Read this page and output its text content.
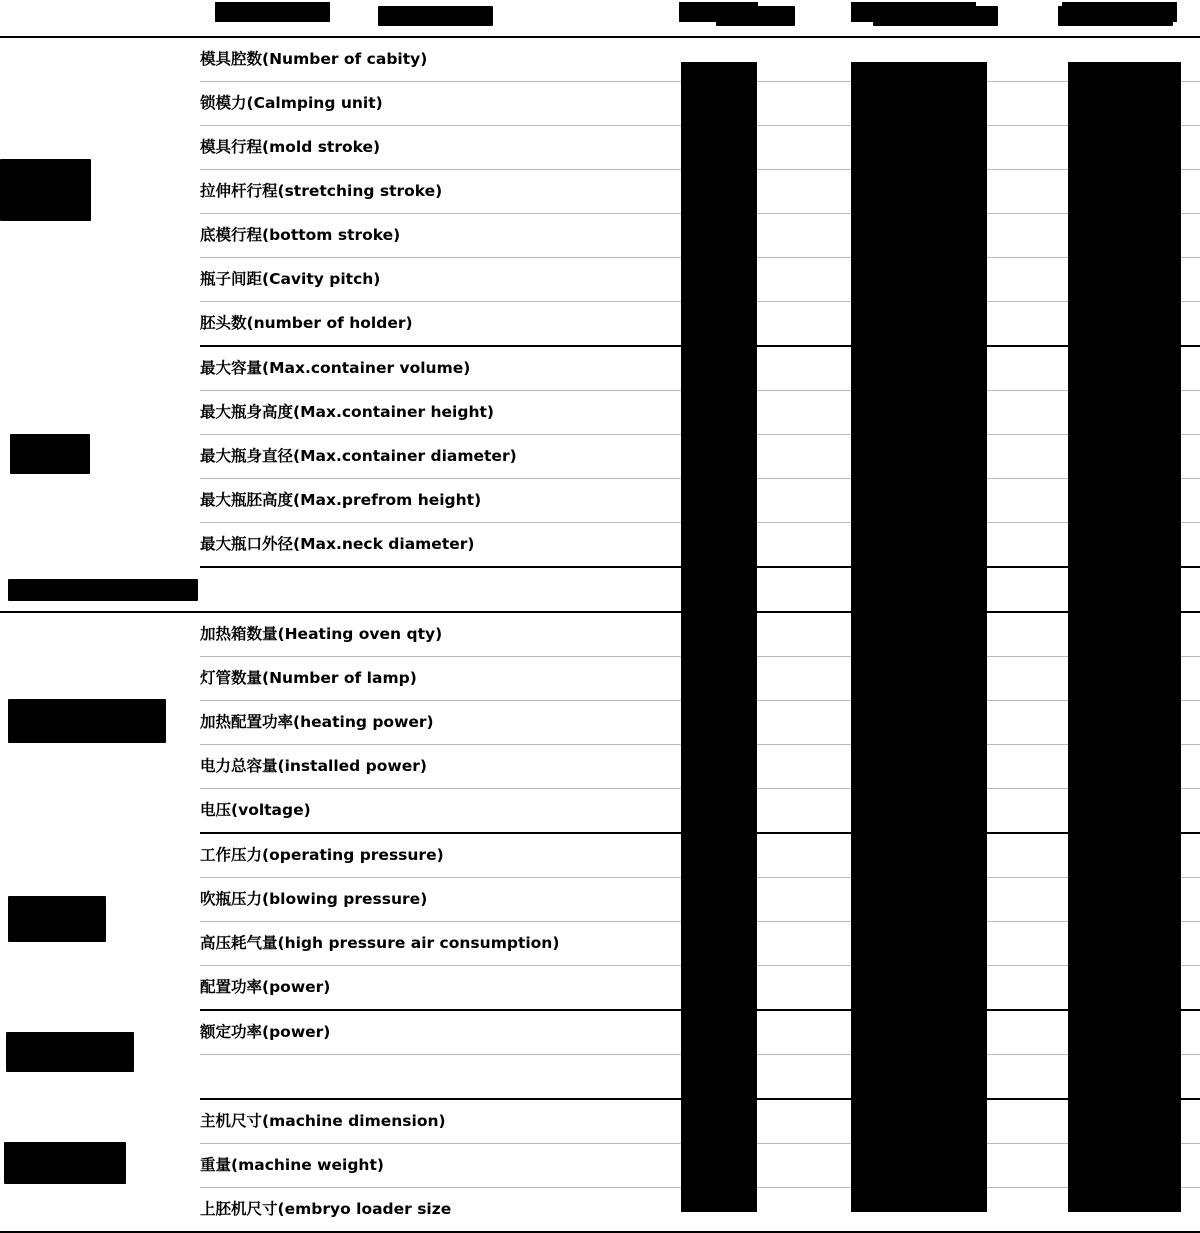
	模具腔数(Number of cabity)			
	锁模力(Calmping unit)			
	模具行程(mold stroke)			
	拉伸杆行程(stretching stroke)			
	底模行程(bottom stroke)			
	瓶子间距(Cavity pitch)			
	胚头数(number of holder)			
	最大容量(Max.container volume)			
	最大瓶身高度(Max.container height)			
	最大瓶身直径(Max.container diameter)			
	最大瓶胚高度(Max.prefrom height)			
	最大瓶口外径(Max.neck diameter)			

	加热箱数量(Heating oven qty)			
	灯管数量(Number of lamp)			
	加热配置功率(heating power)			
	电力总容量(installed power)			
	电压(voltage)			
	工作压力(operating pressure)			
	吹瓶压力(blowing pressure)			
	高压耗气量(high pressure air consumption)			
	配置功率(power)			
	额定功率(power)			

	主机尺寸(machine dimension)			
	重量(machine weight)			
	上胚机尺寸(embryo loader size			
